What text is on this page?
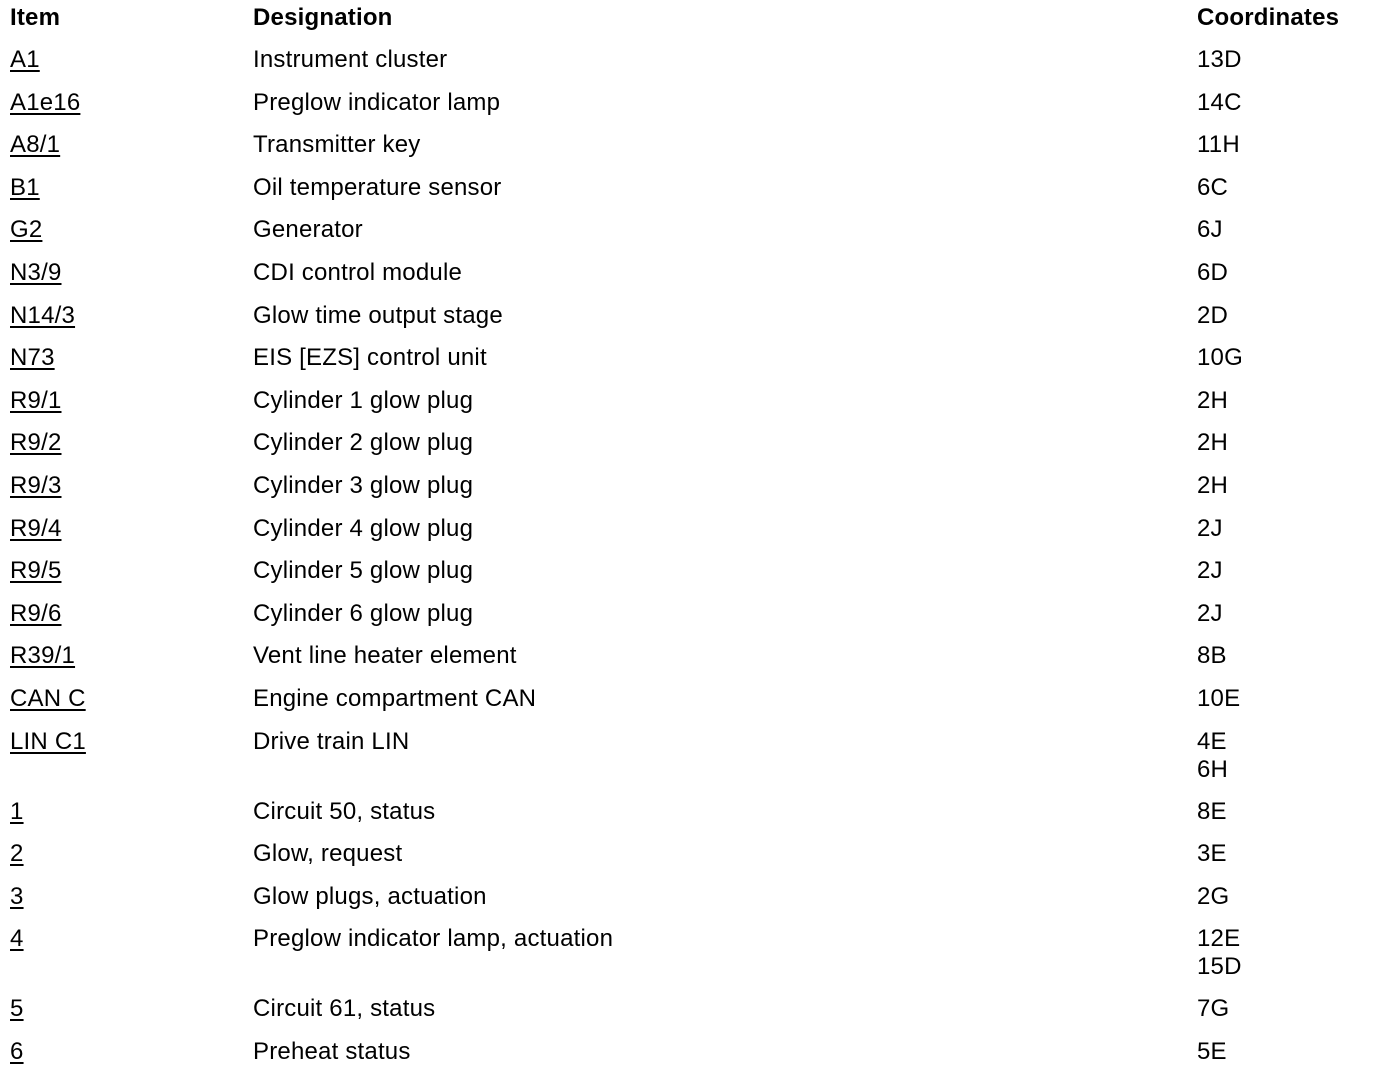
Item	Designation	Coordinates
A1	Instrument cluster	13D

A1e16	Preglow indicator lamp	14C

A8/1	Transmitter key	11H

B1	Oil temperature sensor	6C

G2	Generator	6J

N3/9	CDI control module	6D

N14/3	Glow time output stage	2D

N73	EIS [EZS] control unit	10G

R9/1	Cylinder 1 glow plug	2H

R9/2	Cylinder 2 glow plug	2H

R9/3	Cylinder 3 glow plug	2H

R9/4	Cylinder 4 glow plug	2J

R9/5	Cylinder 5 glow plug	2J

R9/6	Cylinder 6 glow plug	2J

R39/1	Vent line heater element	8B

CAN C	Engine compartment CAN	10E

LIN C1	Drive train LIN	4E
6H

1	Circuit 50, status	8E

2	Glow, request	3E

3	Glow plugs, actuation	2G

4	Preglow indicator lamp, actuation	12E
15D

5	Circuit 61, status	7G

6	Preheat status	5E
